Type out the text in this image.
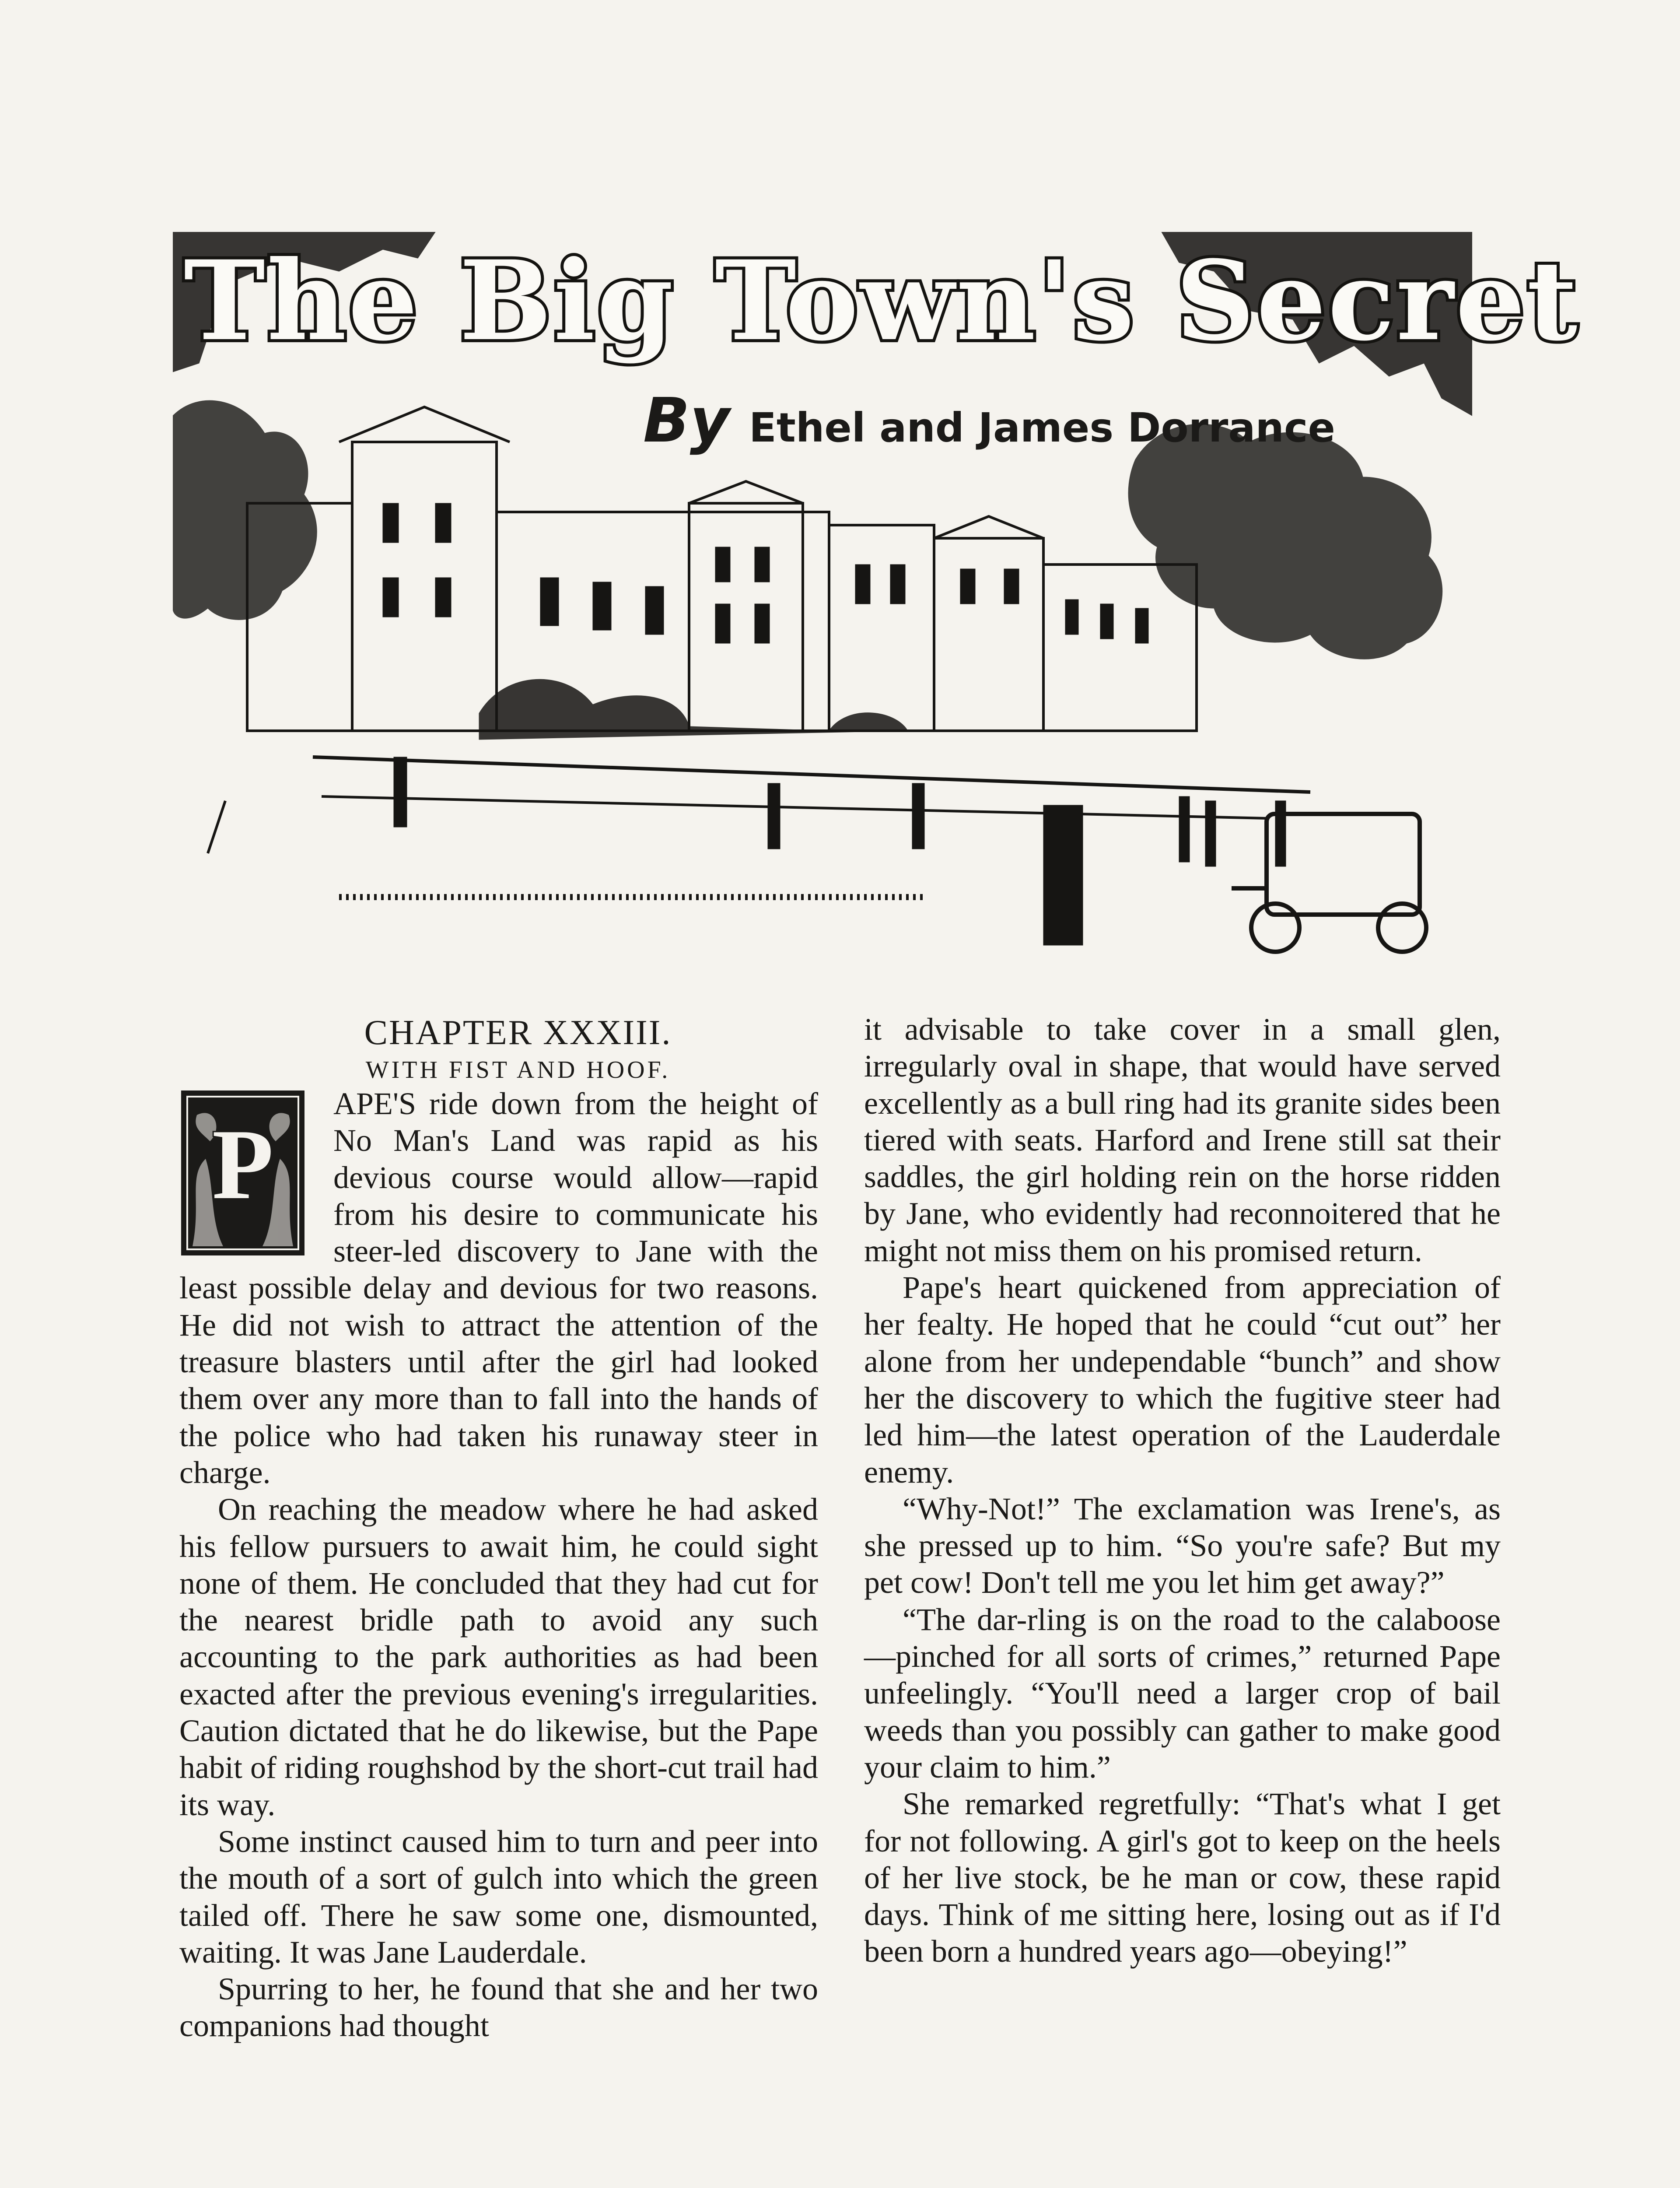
The Big Town's Secret
By Ethel and James Dorrance

CHAPTER XXXIII.

WITH FIST AND HOOF.

P

APE'S ride down from the height of No Man's Land was rapid as his devious course would allow—rapid from his desire to communicate his steer-led discovery to Jane with the least possible delay and devious for two reasons. He did not wish to attract the attention of the treasure blasters until after the girl had looked them over any more than to fall into the hands of the police who had taken his runaway steer in charge.

On reaching the meadow where he had asked his fellow pursuers to await him, he could sight none of them. He concluded that they had cut for the nearest bridle path to avoid any such accounting to the park authorities as had been exacted after the previous evening's irregularities. Caution dictated that he do likewise, but the Pape habit of riding roughshod by the short-cut trail had its way.

Some instinct caused him to turn and peer into the mouth of a sort of gulch into which the green tailed off. There he saw some one, dismounted, waiting. It was Jane Lauderdale.

Spurring to her, he found that she and her two companions had thought

it advisable to take cover in a small glen, irregularly oval in shape, that would have served excellently as a bull ring had its granite sides been tiered with seats. Harford and Irene still sat their saddles, the girl holding rein on the horse ridden by Jane, who evidently had reconnoitered that he might not miss them on his promised return.

Pape's heart quickened from appreciation of her fealty. He hoped that he could “cut out” her alone from her undependable “bunch” and show her the discovery to which the fugitive steer had led him—the latest operation of the Lauderdale enemy.

“Why-Not!” The exclamation was Irene's, as she pressed up to him. “So you're safe? But my pet cow! Don't tell me you let him get away?”

“The dar-rling is on the road to the calaboose—pinched for all sorts of crimes,” returned Pape unfeelingly. “You'll need a larger crop of bail weeds than you possibly can gather to make good your claim to him.”

She remarked regretfully: “That's what I get for not following. A girl's got to keep on the heels of her live stock, be he man or cow, these rapid days. Think of me sitting here, losing out as if I'd been born a hundred years ago—obeying!”
